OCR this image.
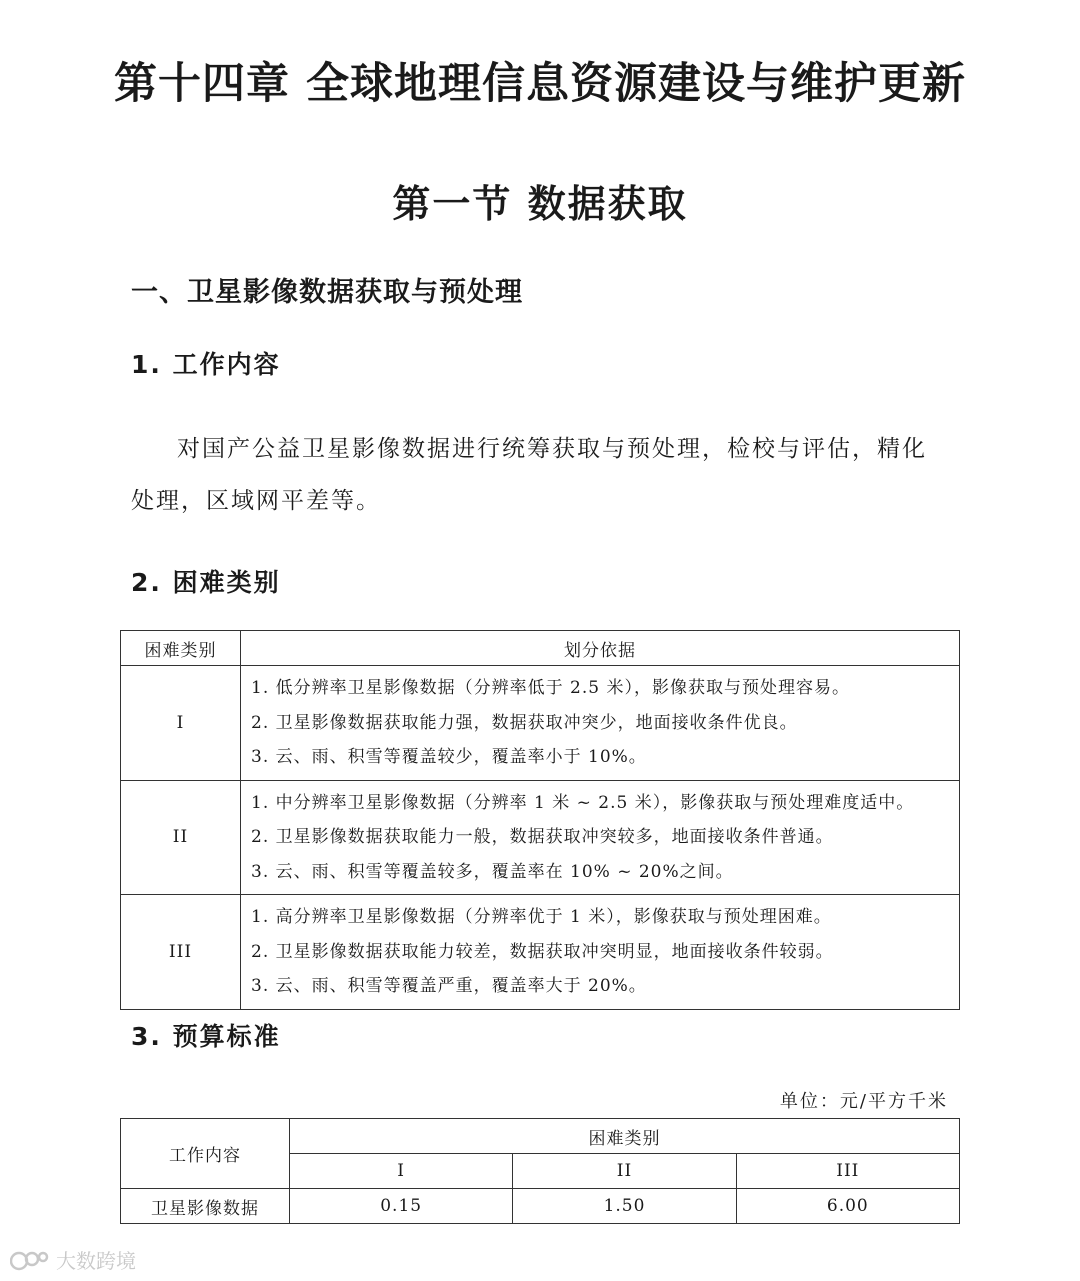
第十四章 全球地理信息资源建设与维护更新
第一节 数据获取
一、卫星影像数据获取与预处理
1. 工作内容

对国产公益卫星影像数据进行统筹获取与预处理，检校与评估，精化处理，区域网平差等。

2. 困难类别
困难类别	划分依据
I	1. 低分辨率卫星影像数据（分辨率低于 2.5 米），影像获取与预处理容易。
2. 卫星影像数据获取能力强，数据获取冲突少，地面接收条件优良。
3. 云、雨、积雪等覆盖较少，覆盖率小于 10%。

II	1. 中分辨率卫星影像数据（分辨率 1 米 ~ 2.5 米），影像获取与预处理难度适中。
2. 卫星影像数据获取能力一般，数据获取冲突较多，地面接收条件普通。
3. 云、雨、积雪等覆盖较多，覆盖率在 10% ~ 20%之间。

III	1. 高分辨率卫星影像数据（分辨率优于 1 米），影像获取与预处理困难。
2. 卫星影像数据获取能力较差，数据获取冲突明显，地面接收条件较弱。
3. 云、雨、积雪等覆盖严重，覆盖率大于 20%。
3. 预算标准
单位：元/平方千米
工作内容	困难类别		
	I	II	III
卫星影像数据	0.15	1.50	6.00
大数跨境
